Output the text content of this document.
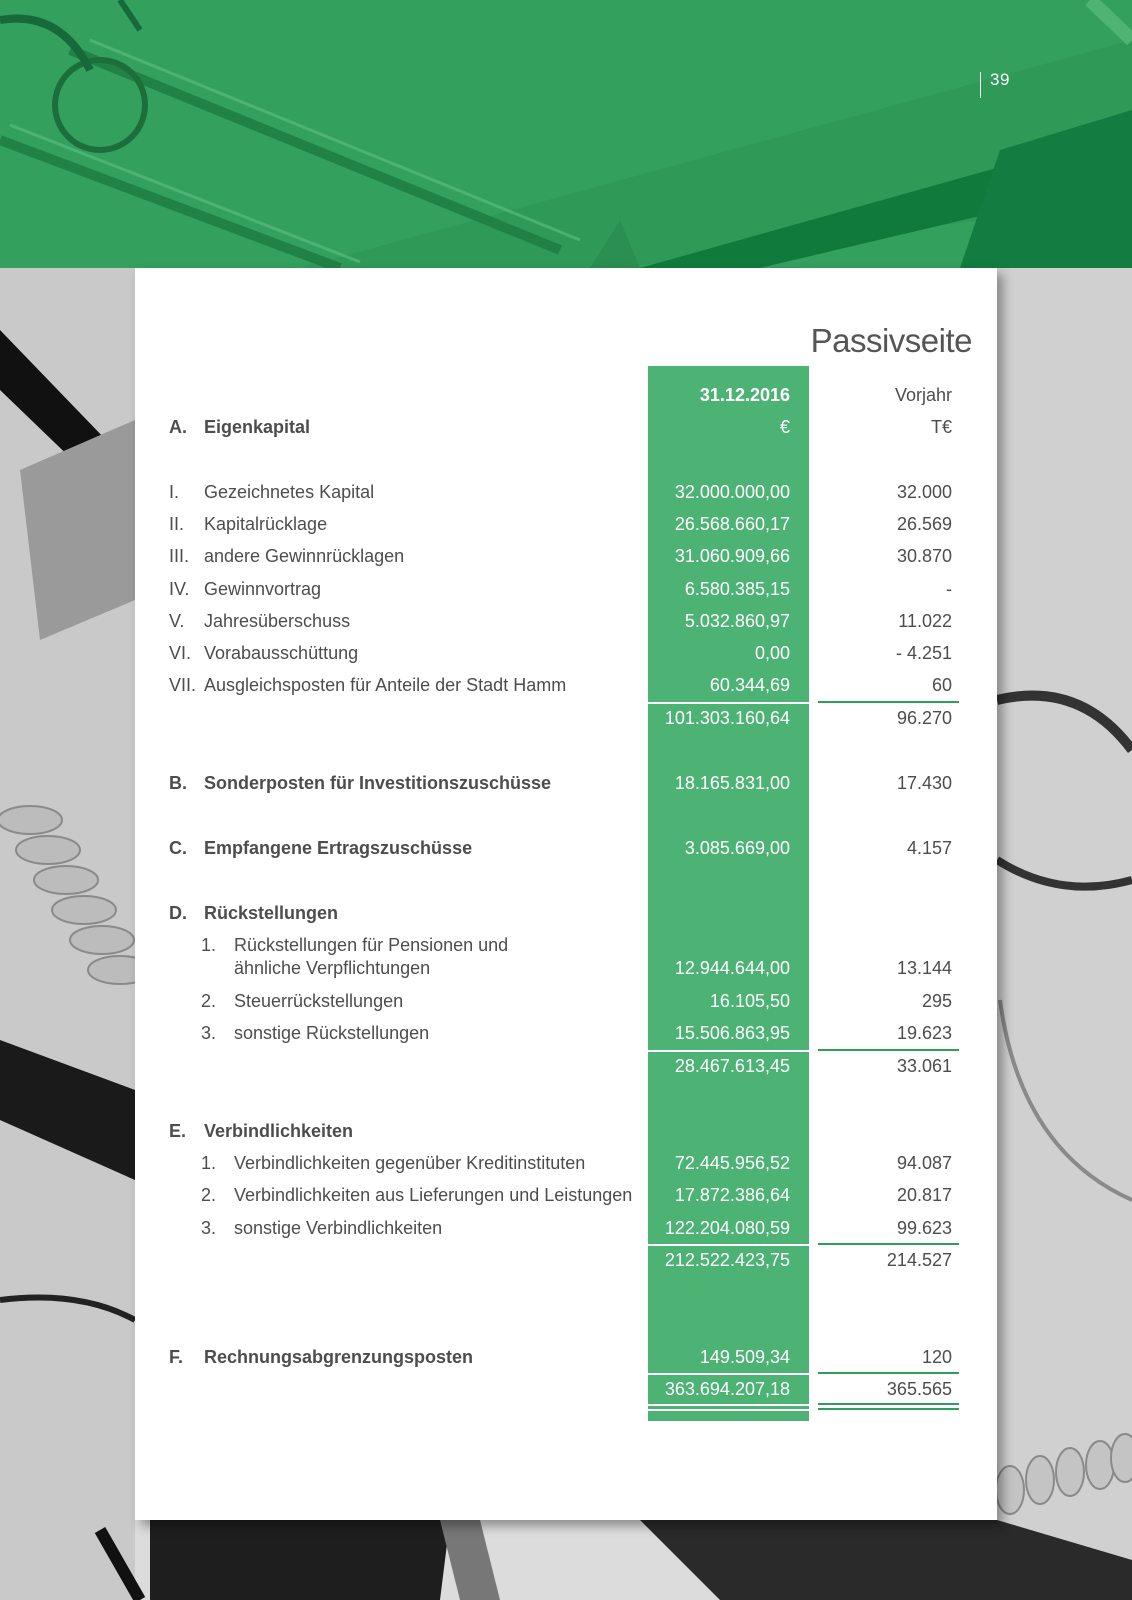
39
Passivseite
31.12.2016	Vorjahr
A. Eigenkapital	€	T€
I. Gezeichnetes Kapital	32.000.000,00	32.000
II. Kapitalrücklage	26.568.660,17	26.569
III. andere Gewinnrücklagen	31.060.909,66	30.870
IV. Gewinnvortrag	6.580.385,15	-
V. Jahresüberschuss	5.032.860,97	11.022
VI. Vorabausschüttung	0,00	- 4.251
VII. Ausgleichsposten für Anteile der Stadt Hamm	60.344,69	60
101.303.160,64	96.270
B. Sonderposten für Investitionszuschüsse	18.165.831,00	17.430
C. Empfangene Ertragszuschüsse	3.085.669,00	4.157
D. Rückstellungen
1. Rückstellungen für Pensionen und
ähnliche Verpflichtungen	12.944.644,00	13.144
2. Steuerrückstellungen	16.105,50	295
3. sonstige Rückstellungen	15.506.863,95	19.623
28.467.613,45	33.061
E. Verbindlichkeiten
1. Verbindlichkeiten gegenüber Kreditinstituten	72.445.956,52	94.087
2. Verbindlichkeiten aus Lieferungen und Leistungen	17.872.386,64	20.817
3. sonstige Verbindlichkeiten	122.204.080,59	99.623
212.522.423,75	214.527
F. Rechnungsabgrenzungsposten	149.509,34	120
363.694.207,18	365.565
